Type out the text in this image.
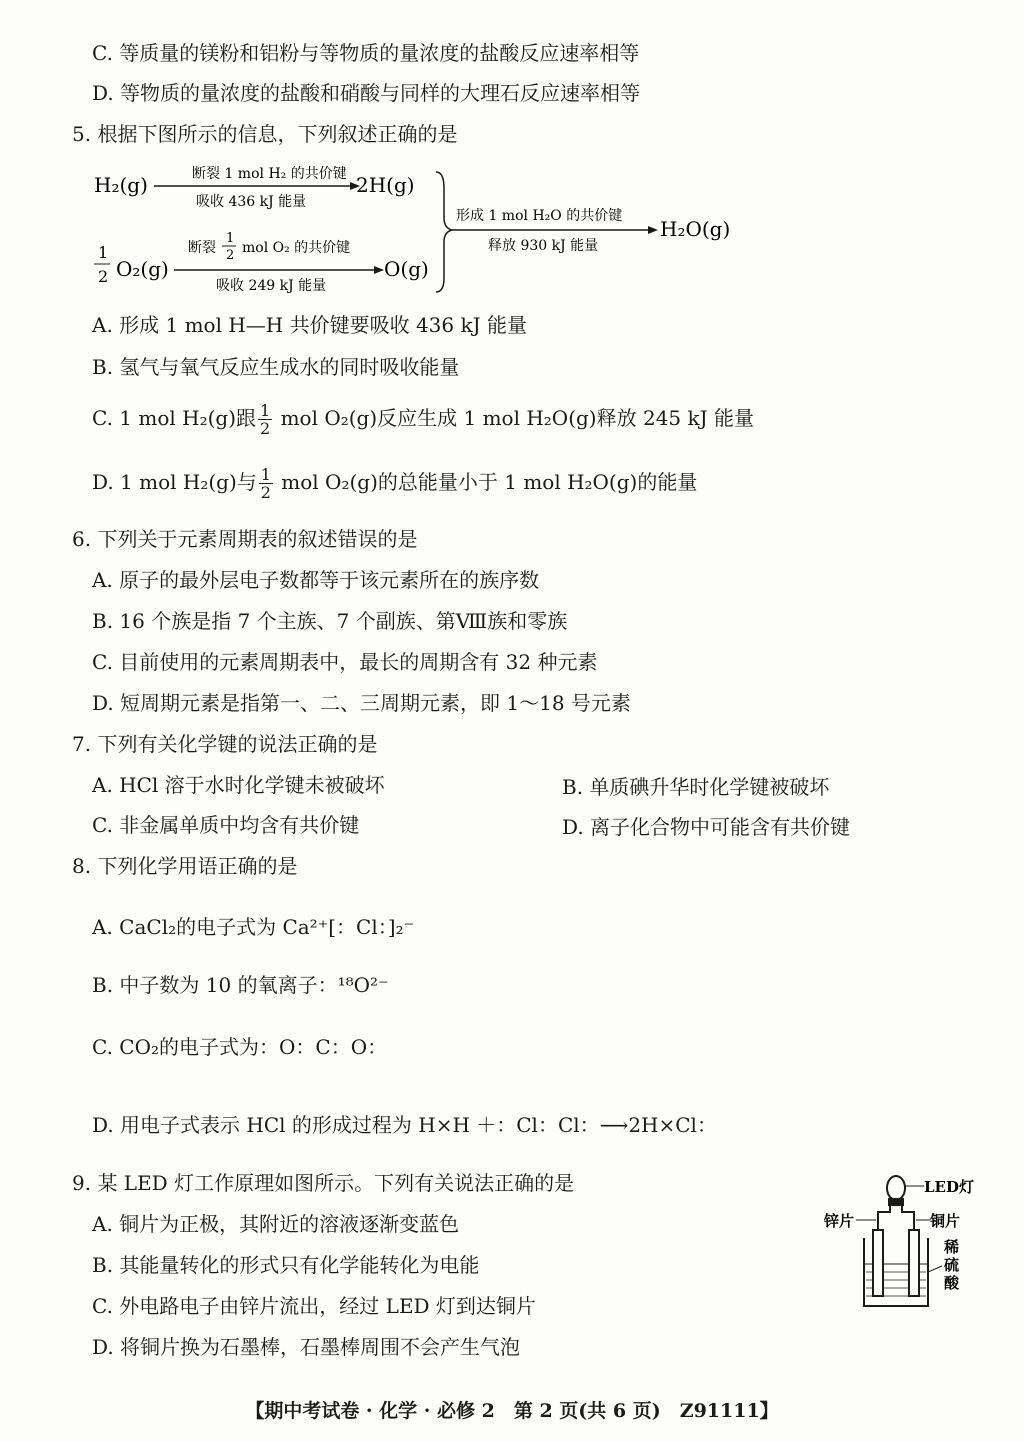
C. 等质量的镁粉和铝粉与等物质的量浓度的盐酸反应速率相等
D. 等物质的量浓度的盐酸和硝酸与同样的大理石反应速率相等
5. 根据下图所示的信息，下列叙述正确的是
H₂(g)	断裂 1 mol H₂ 的共价键
吸收 436 kJ 能量
2H(g)
1
2 O₂(g)
断裂
1
2 mol O₂ 的共价键
吸收 249 kJ 能量
O(g)
形成 1 mol H₂O 的共价键
释放 930 kJ 能量
H₂O(g)
A. 形成 1 mol H—H 共价键要吸收 436 kJ 能量
B. 氢气与氧气反应生成水的同时吸收能量
C. 1 mol H₂(g)跟 $\frac{1}{2}$ mol O₂(g)反应生成 1 mol H₂O(g)释放 245 kJ 能量
D. 1 mol H₂(g)与 $\frac{1}{2}$ mol O₂(g)的总能量小于 1 mol H₂O(g)的能量
6. 下列关于元素周期表的叙述错误的是
A. 原子的最外层电子数都等于该元素所在的族序数
B. 16 个族是指 7 个主族、7 个副族、第Ⅷ族和零族
C. 目前使用的元素周期表中，最长的周期含有 32 种元素
D. 短周期元素是指第一、二、三周期元素，即 1～18 号元素
7. 下列有关化学键的说法正确的是
A. HCl 溶于水时化学键未被破坏	B. 单质碘升华时化学键被破坏
C. 非金属单质中均含有共价键	D. 离子化合物中可能含有共价键
8. 下列化学用语正确的是
A. CaCl₂的电子式为 Ca²⁺[：Cl：]₂⁻
B. 中子数为 10 的氧离子：¹⁸O²⁻
C. CO₂的电子式为：O：C：O：
D. 用电子式表示 HCl 的形成过程为 H×H ＋：Cl：Cl：⟶2H×Cl：
9. 某 LED 灯工作原理如图所示。下列有关说法正确的是
A. 铜片为正极，其附近的溶液逐渐变蓝色
B. 其能量转化的形式只有化学能转化为电能
C. 外电路电子由锌片流出，经过 LED 灯到达铜片
D. 将铜片换为石墨棒，石墨棒周围不会产生气泡
LED灯
锌片	铜片
稀
硫
酸
【期中考试卷 · 化学 · 必修 2　第 2 页(共 6 页)　Z91111】
